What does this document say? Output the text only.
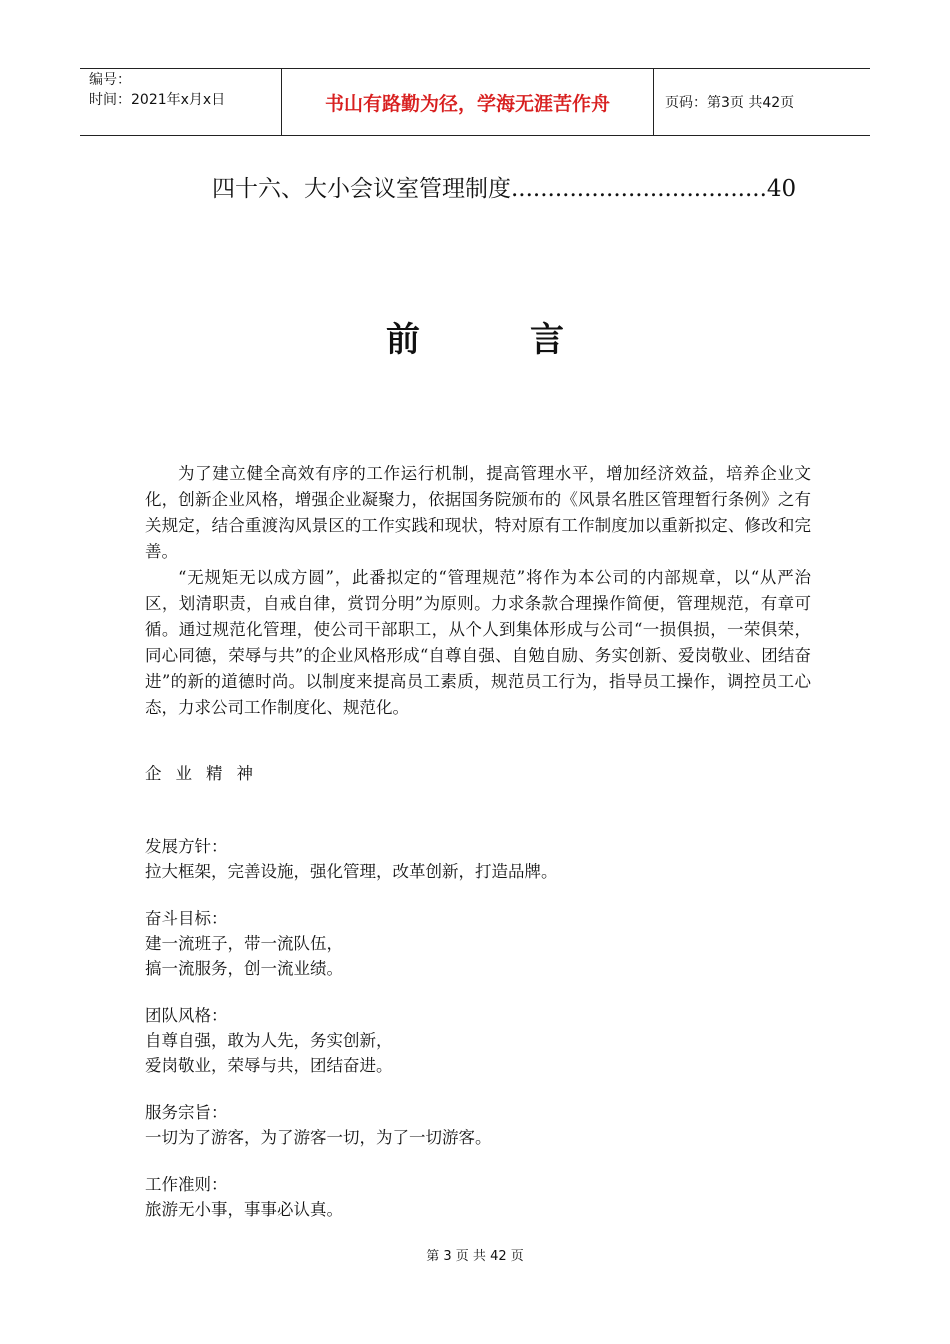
编号：
时间：2021年x月x日	书山有路勤为径，学海无涯苦作舟	页码：第3页 共42页
四十六、大小会议室管理制度...................................40
前	言

为了建立健全高效有序的工作运行机制，提高管理水平，增加经济效益，培养企业文化，创新企业风格，增强企业凝聚力，依据国务院颁布的《风景名胜区管理暂行条例》之有关规定，结合重渡沟风景区的工作实践和现状，特对原有工作制度加以重新拟定、修改和完善。

“无规矩无以成方圆”，此番拟定的“管理规范”将作为本公司的内部规章，以“从严治区，划清职责，自戒自律，赏罚分明”为原则。力求条款合理操作简便，管理规范，有章可循。通过规范化管理，使公司干部职工，从个人到集体形成与公司“一损俱损，一荣俱荣，同心同德，荣辱与共”的企业风格形成“自尊自强、自勉自励、务实创新、爱岗敬业、团结奋进”的新的道德时尚。以制度来提高员工素质，规范员工行为，指导员工操作，调控员工心态，力求公司工作制度化、规范化。

企业精神
发展方针：
拉大框架，完善设施，强化管理，改革创新，打造品牌。
奋斗目标：
建一流班子，带一流队伍，
搞一流服务，创一流业绩。
团队风格：
自尊自强，敢为人先，务实创新，
爱岗敬业，荣辱与共，团结奋进。
服务宗旨：
一切为了游客，为了游客一切，为了一切游客。
工作准则：
旅游无小事，事事必认真。
第 3 页 共 42 页
